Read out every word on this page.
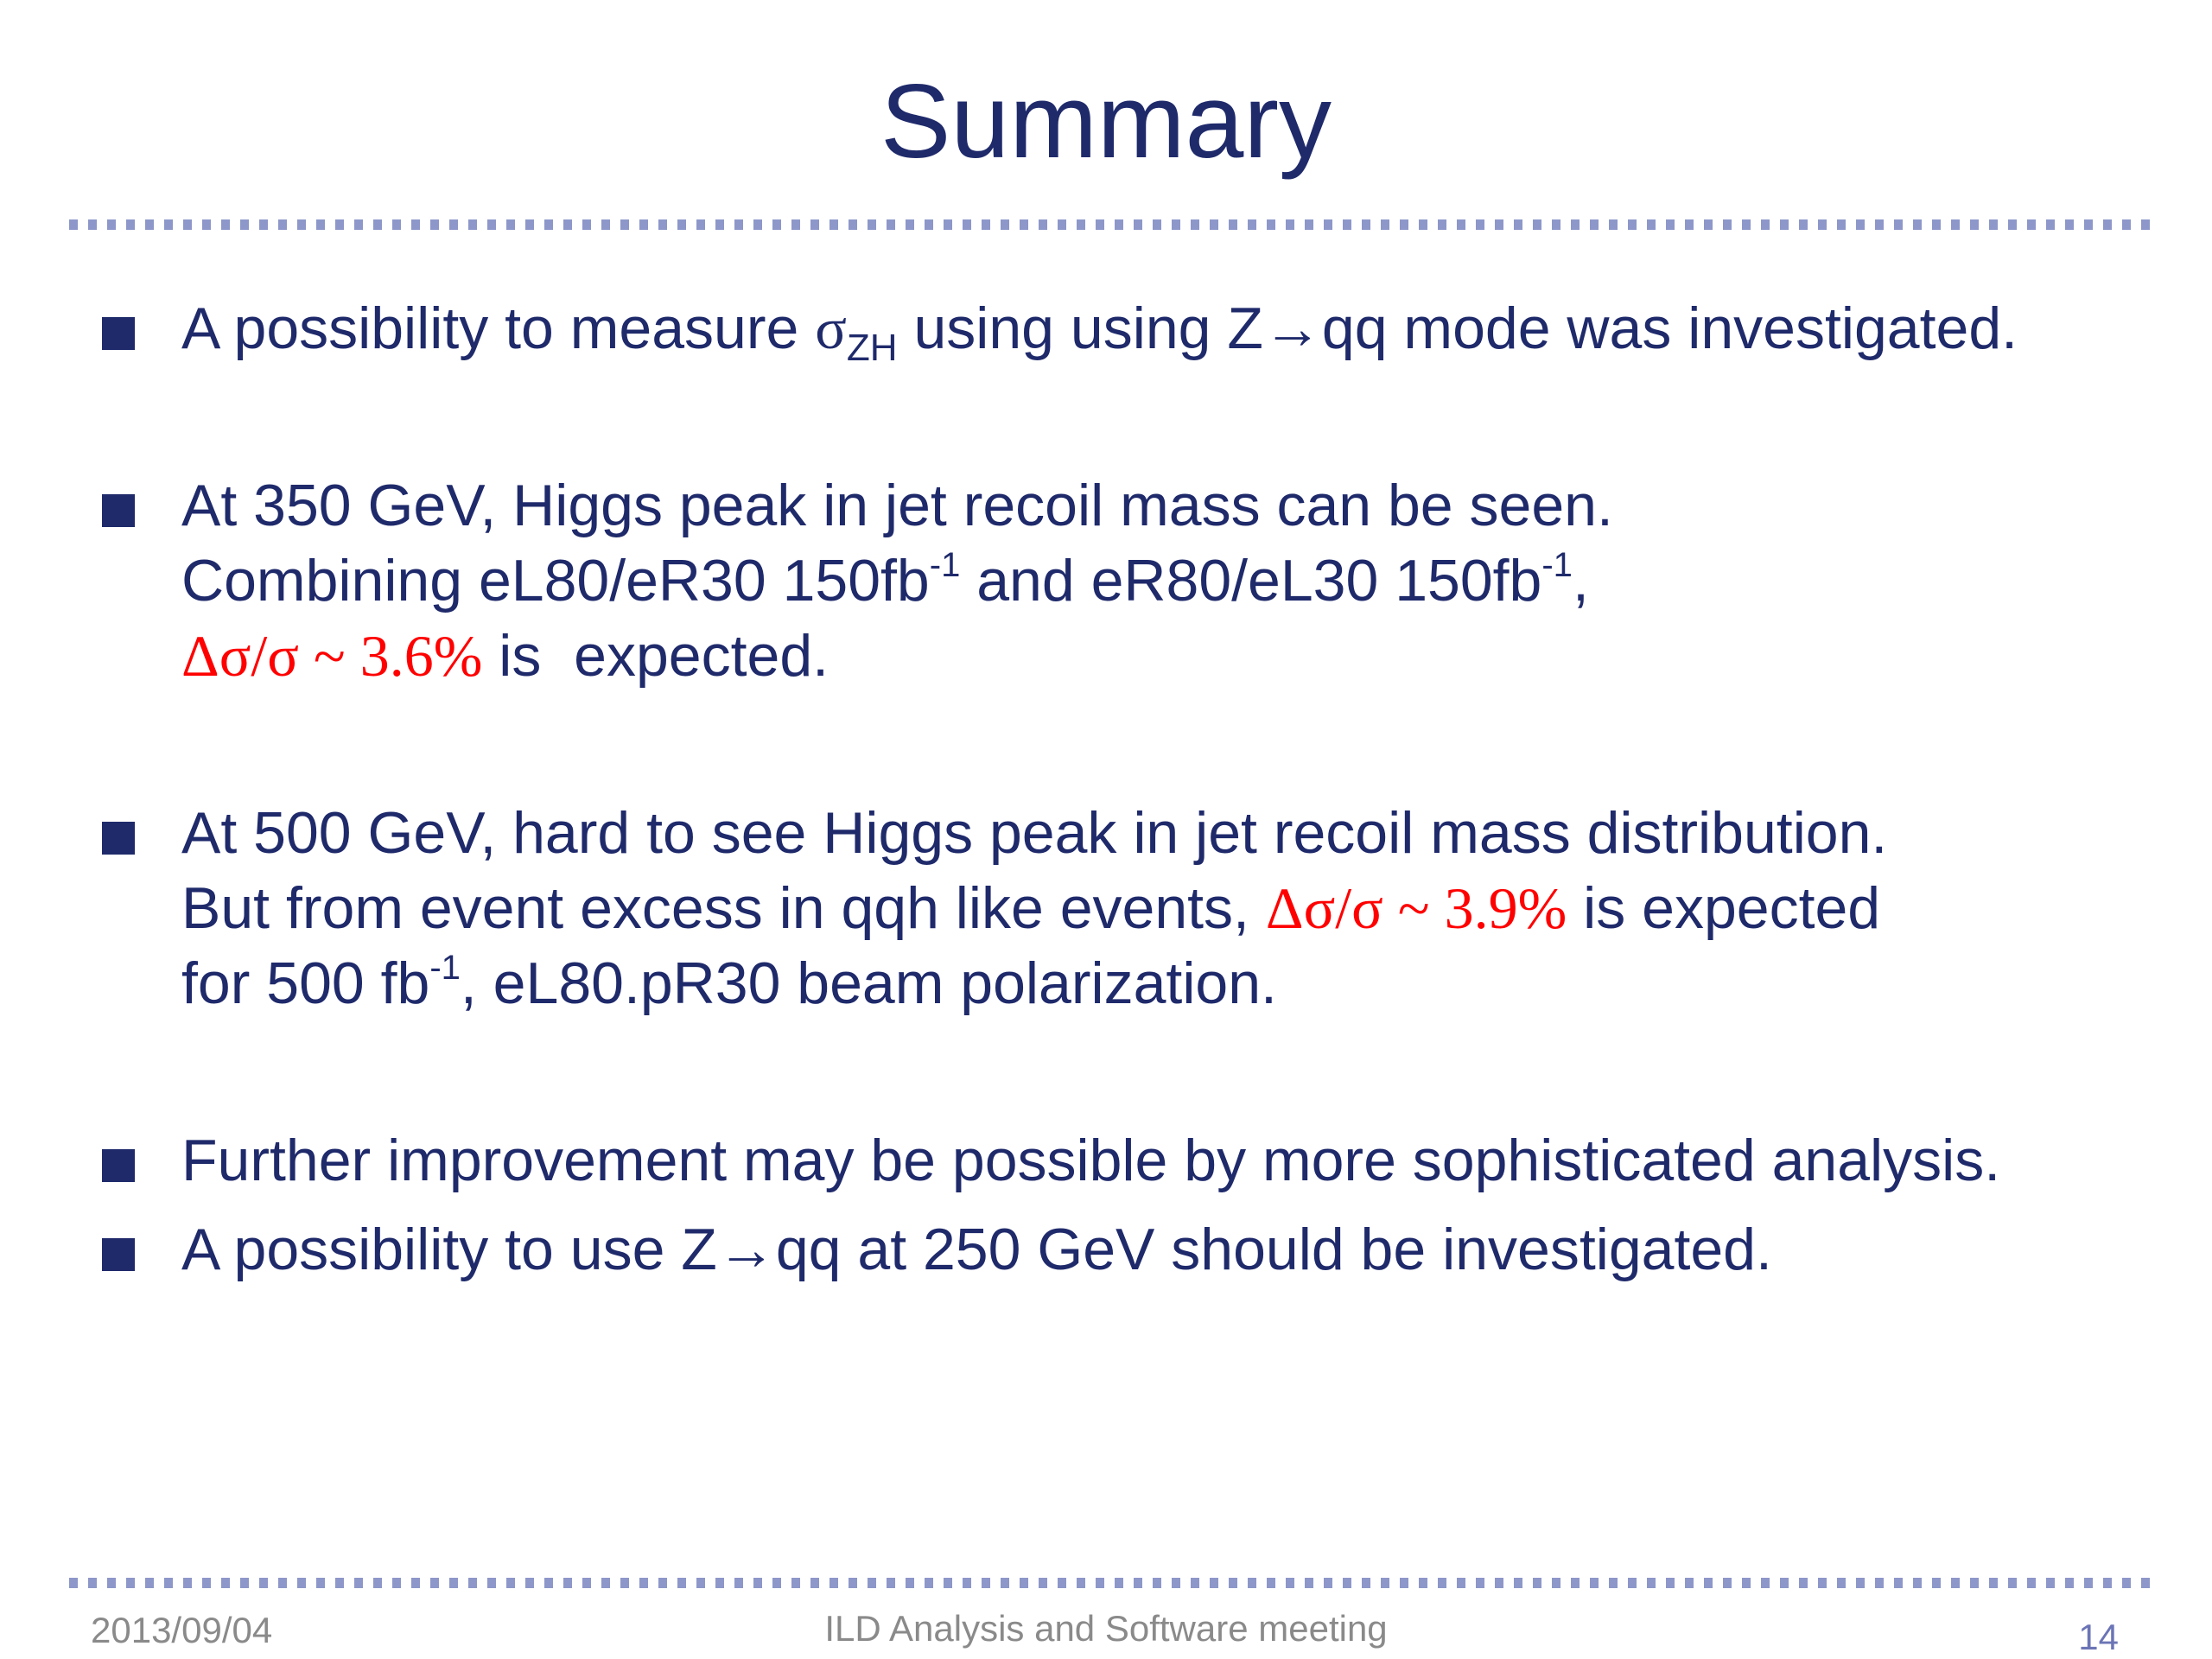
Summary
A possibility to measure $\sigma_{ZH}$ using using Z→qq mode was investigated.
At 350 GeV, Higgs peak in jet recoil mass can be seen.
Combining eL80/eR30 $150fb^{-1}$ and eR80/eL30 $150fb^{-1}$,
Δσ/σ ~ 3.6% is  expected.
At 500 GeV, hard to see Higgs peak in jet recoil mass distribution.
But from event excess in qqh like events, Δσ/σ ~ 3.9% is expected
for 500 $fb^{-1}$, eL80.pR30 beam polarization.
Further improvement may be possible by more sophisticated analysis.
A possibility to use Z→qq at 250 GeV should be investigated.
2013/09/04	ILD Analysis and Software meeting	14
